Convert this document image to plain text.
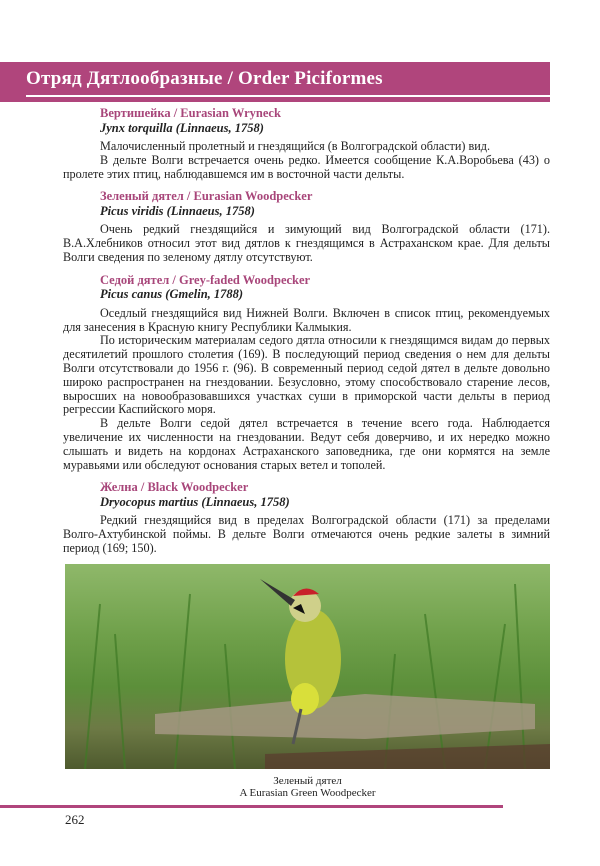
Отряд Дятлообразные / Order Piciformes
Вертишейка / Eurasian Wryneck
Jynx torquilla (Linnaeus, 1758)

Малочисленный пролетный и гнездящийся (в Волгоградской области) вид.

В дельте Волги встречается очень редко. Имеется сообщение К.А.Воробьева (43) о пролете этих птиц, наблюдавшемся им в восточной части дельты.

Зеленый дятел / Eurasian Woodpecker
Picus viridis (Linnaeus, 1758)

Очень редкий гнездящийся и зимующий вид Волгоградской области (171). В.А.Хлебников относил этот вид дятлов к гнездящимся в Астраханском крае. Для дельты Волги сведения по зеленому дятлу отсутствуют.

Седой дятел / Grey-faded Woodpecker
Picus canus (Gmelin, 1788)

Оседлый гнездящийся вид Нижней Волги. Включен в список птиц, рекомендуемых для занесения в Красную книгу Республики Калмыкия.

По историческим материалам седого дятла относили к гнездящимся видам до первых десятилетий прошлого столетия (169). В последующий период сведения о нем для дельты Волги отсутствовали до 1956 г. (96). В современный период седой дятел в дельте довольно широко распространен на гнездовании. Безусловно, этому способствовало старение лесов, выросших на новообразовавшихся участках суши в приморской части дельты в период регрессии Каспийского моря.

В дельте Волги седой дятел встречается в течение всего года. Наблюдается увеличение их численности на гнездовании. Ведут себя доверчиво, и их нередко можно слышать и видеть на кордонах Астраханского заповедника, где они кормятся на земле муравьями или обследуют основания старых ветел и тополей.

Желна / Black Woodpecker
Dryocopus martius (Linnaeus, 1758)

Редкий гнездящийся вид в пределах Волгоградской области (171) за пределами Волго-Ахтубинской поймы. В дельте Волги отмечаются очень редкие залеты в зимний период (169; 150).

Зеленый дятел
A Eurasian Green Woodpecker
262
